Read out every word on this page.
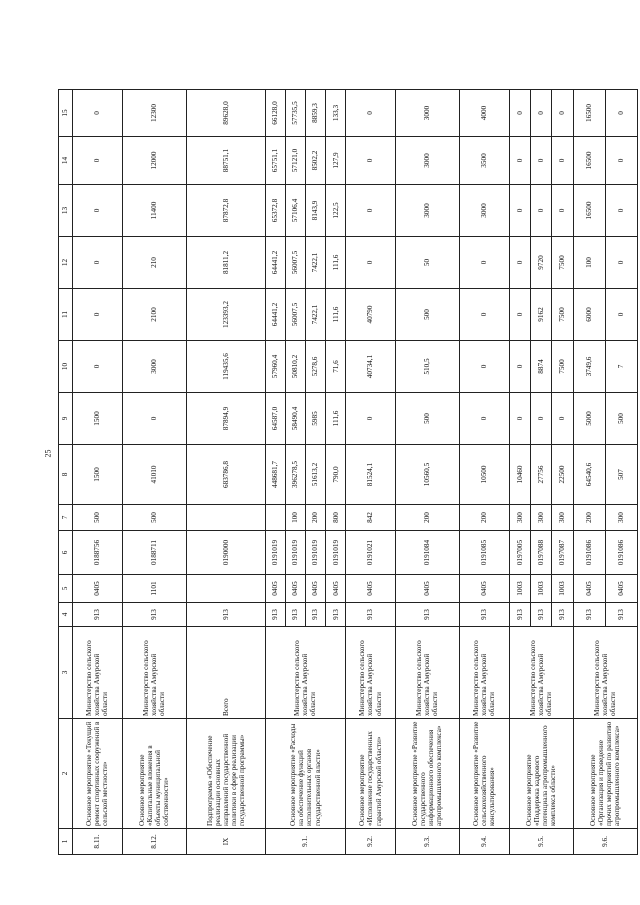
25
1	2	3	4	5	6	7	8	9	10	11	12	13	14	15
8.11.	Основное мероприятие «Текущий ремонт спортивных сооружений в сельской местности»	Министерство сельского хозяйства Амурской области	913	0405	0188756	500	1500	1500	0	0	0	0	0	0
8.12.	Основное мероприятие «Капитальные вложения в объекты муниципальной собственности»	Министерство сельского хозяйства Амурской области	913	1101	0188711	500	41010	0	3000	2100	210	11400	12000	12300
IX	Подпрограмма «Обеспечение реализации основных направлений государственной политики в сфере реализации государственной программы»	Всего	913		0190000		683786,8	87894,9	119435,6	123393,2	81811,2	87872,8	88751,1	89628,0
9.1.	Основное мероприятие «Расходы на обеспечение функций исполнительных органов государственной власти»	Министерство сельского хозяйства Амурской области	913	0405	0191019		448681,7	64587,0	57960,4	64441,2	64441,2	65372,8	65751,1	66128,0
			913	0405	0191019	100	396278,5	58490,4	50810,2	56007,5	56007,5	57106,4	57121,0	57735,5
			913	0405	0191019	200	51613,2	5985	5278,6	7422,1	7422,1	8143,9	8502,2	8859,3
			913	0405	0191019	800	790,0	111,6	71,6	111,6	111,6	122,5	127,9	133,3
9.2.	Основное мероприятие «Исполнение государственных гарантий Амурской области»	Министерство сельского хозяйства Амурской области	913	0405	0191021	842	81524,1	0	40734,1	40790	0	0	0	0
9.3.	Основное мероприятие «Развитие государственного информационного обеспечения агропромышленного комплекса»	Министерство сельского хозяйства Амурской области	913	0405	0191084	200	10560,5	500	510,5	500	50	3000	3000	3000
9.4.	Основное мероприятие «Развитие сельскохозяйственного консультирования»	Министерство сельского хозяйства Амурской области	913	0405	0191085	200	10500	0	0	0	0	3000	3500	4000
9.5.	Основное мероприятие «Поддержка кадрового потенциала агропромышленного комплекса области»	Министерство сельского хозяйства Амурской области	913	1003	0197005	300	10460	0	0	0	0	0	0	0
			913	1003	0197088	300	27756	0	8874	9162	9720	0	0	0
			913	1003	0197087	300	22500	0	7500	7500	7500	0	0	0
9.6.	Основное мероприятие «Организация и проведение прочих мероприятий по развитию агропромышленного комплекса»	Министерство сельского хозяйства Амурской области	913	0405	0191086	200	64540,6	5000	3749,6	6000	100	16500	16500	16500
			913	0405	0191086	300	507	500	7	0	0	0	0	0
